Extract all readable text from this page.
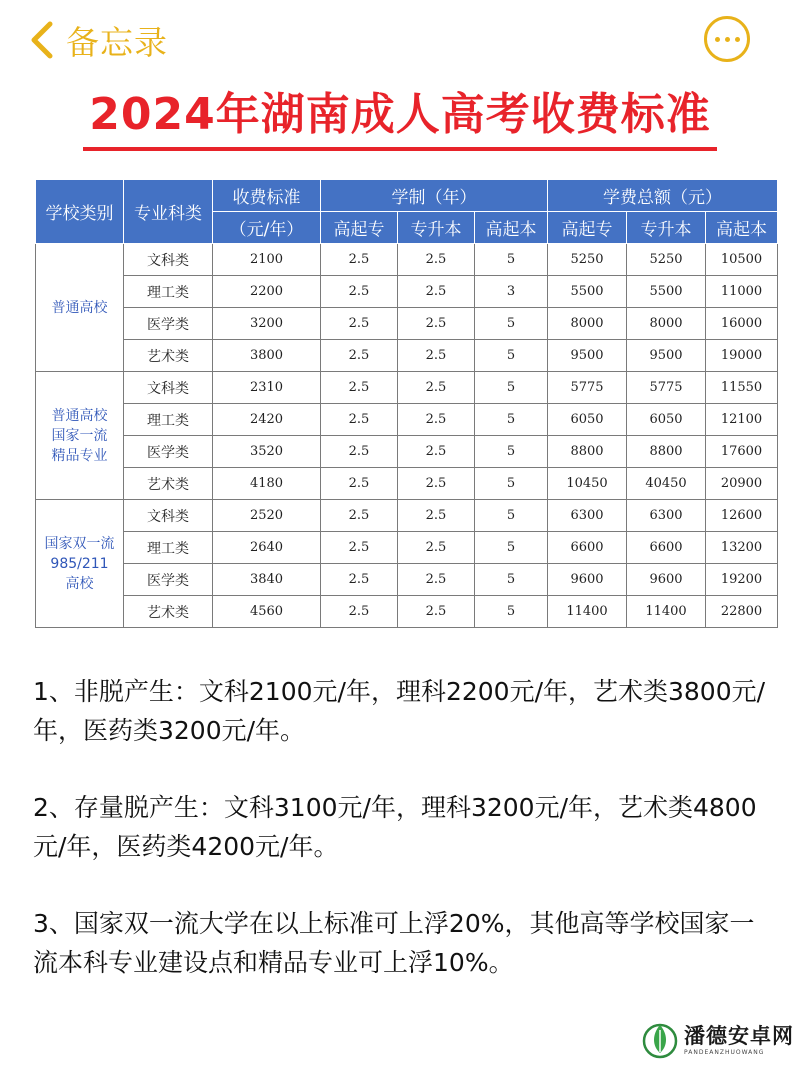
备忘录
2024年湖南成人高考收费标准
学校类别	专业科类	收费标准	学制（年）			学费总额（元）		
		（元/年）	高起专	专升本	高起本	高起专	专升本	高起本

普通高校	文科类	2100	2.5	2.5	5	5250	5250	10500
	理工类	2200	2.5	2.5	3	5500	5500	11000
	医学类	3200	2.5	2.5	5	8000	8000	16000
	艺术类	3800	2.5	2.5	5	9500	9500	19000

普通高校
国家一流
精品专业	文科类	2310	2.5	2.5	5	5775	5775	11550
	理工类	2420	2.5	2.5	5	6050	6050	12100
	医学类	3520	2.5	2.5	5	8800	8800	17600
	艺术类	4180	2.5	2.5	5	10450	40450	20900

国家双一流
985/211
高校	文科类	2520	2.5	2.5	5	6300	6300	12600
	理工类	2640	2.5	2.5	5	6600	6600	13200
	医学类	3840	2.5	2.5	5	9600	9600	19200
	艺术类	4560	2.5	2.5	5	11400	11400	22800

1、非脱产生：文科2100元/年，理科2200元/年，艺术类3800元/年，医药类3200元/年。

2、存量脱产生：文科3100元/年，理科3200元/年，艺术类4800元/年，医药类4200元/年。

3、国家双一流大学在以上标准可上浮20%，其他高等学校国家一流本科专业建设点和精品专业可上浮10%。

潘德安卓网
PANDEANZHUOWANG
